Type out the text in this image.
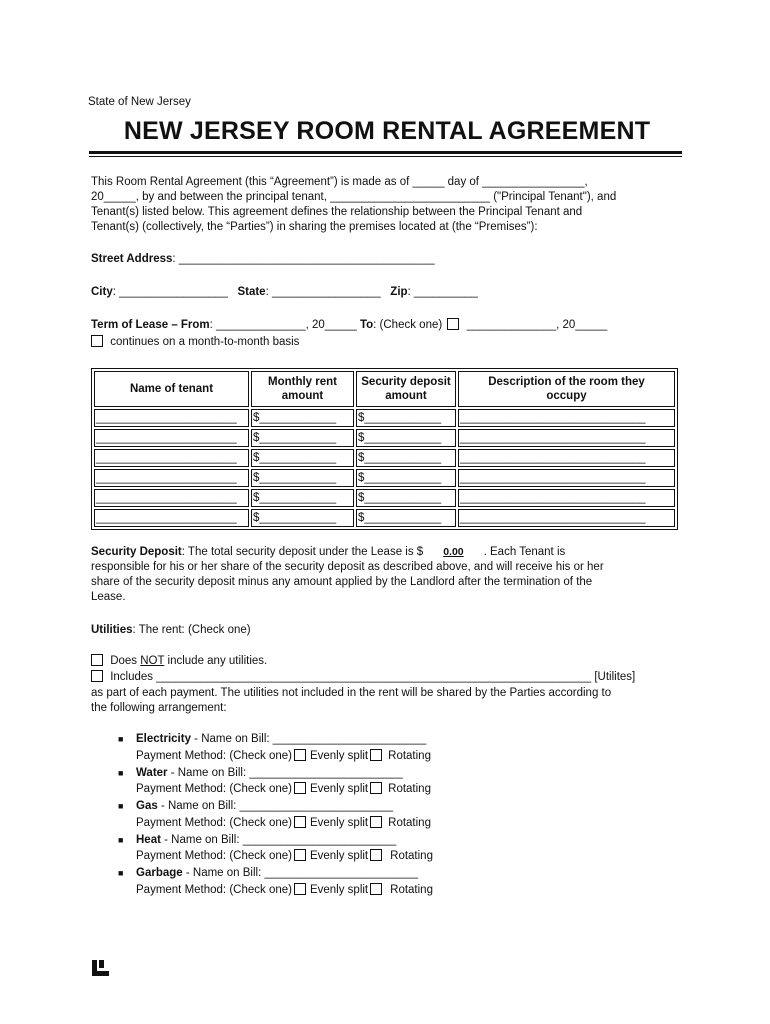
State of New Jersey
NEW JERSEY ROOM RENTAL AGREEMENT
This Room Rental Agreement (this “Agreement”) is made as of _____ day of ________________,
20_____, by and between the principal tenant, _________________________ ("Principal Tenant"), and
Tenant(s) listed below. This agreement defines the relationship between the Principal Tenant and
Tenant(s) (collectively, the “Parties”) in sharing the premises located at (the “Premises”):
Street Address: ________________________________________
City: _________________ State: _________________ Zip: __________
Term of Lease – From: ______________, 20_____ To: (Check one) ______________, 20_____
continues on a month-to-month basis
Name of tenant	Monthly rent amount	Security deposit amount	Description of the room they occupy
______________________	$____________	$____________	_____________________________
______________________	$____________	$____________	_____________________________
______________________	$____________	$____________	_____________________________
______________________	$____________	$____________	_____________________________
______________________	$____________	$____________	_____________________________
______________________	$____________	$____________	_____________________________
Security Deposit: The total security deposit under the Lease is $ 0.00 . Each Tenant is
responsible for his or her share of the security deposit as described above, and will receive his or her
share of the security deposit minus any amount applied by the Landlord after the termination of the
Lease.
Utilities: The rent: (Check one)
Does NOT include any utilities.
Includes ____________________________________________________________________ [Utilites]
as part of each payment. The utilities not included in the rent will be shared by the Parties according to
the following arrangement:
■ Electricity - Name on Bill: ________________________
Payment Method: (Check one) Evenly split Rotating
■ Water - Name on Bill: ________________________
Payment Method: (Check one) Evenly split Rotating
■ Gas - Name on Bill: ________________________
Payment Method: (Check one) Evenly split Rotating
■ Heat - Name on Bill: ________________________
Payment Method: (Check one) Evenly split Rotating
■ Garbage - Name on Bill: ________________________
Payment Method: (Check one) Evenly split Rotating
